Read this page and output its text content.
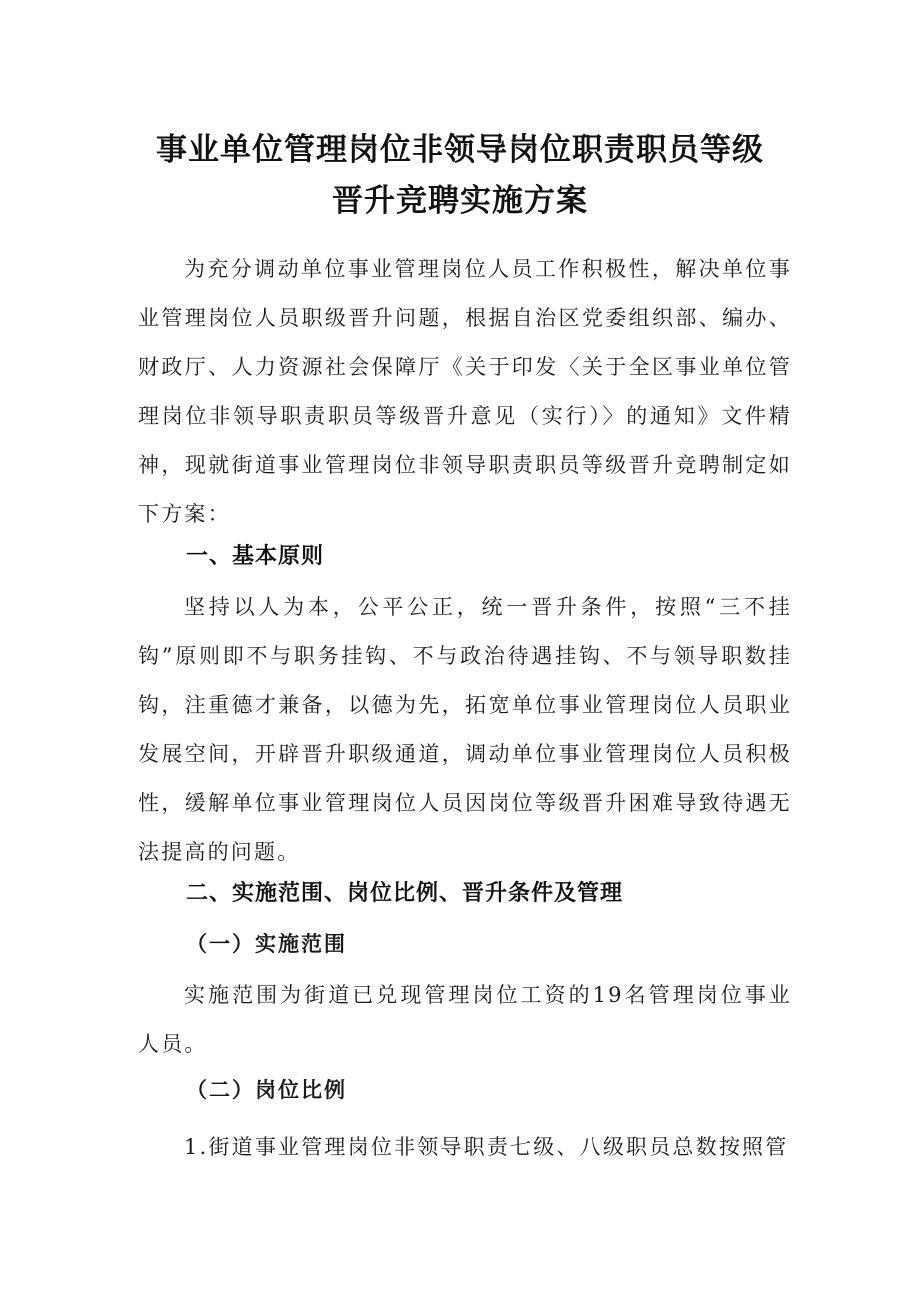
事业单位管理岗位非领导岗位职责职员等级
晋升竞聘实施方案

为充分调动单位事业管理岗位人员工作积极性，解决单位事业管理岗位人员职级晋升问题，根据自治区党委组织部、编办、财政厅、人力资源社会保障厅《关于印发〈关于全区事业单位管理岗位非领导职责职员等级晋升意见（实行）〉的通知》文件精神，现就街道事业管理岗位非领导职责职员等级晋升竞聘制定如下方案：

一、基本原则

坚持以人为本，公平公正，统一晋升条件，按照“三不挂钩”原则即不与职务挂钩、不与政治待遇挂钩、不与领导职数挂钩，注重德才兼备，以德为先，拓宽单位事业管理岗位人员职业发展空间，开辟晋升职级通道，调动单位事业管理岗位人员积极性，缓解单位事业管理岗位人员因岗位等级晋升困难导致待遇无法提高的问题。

二、实施范围、岗位比例、晋升条件及管理
（一）实施范围

实施范围为街道已兑现管理岗位工资的19名管理岗位事业人员。

（二）岗位比例

1.街道事业管理岗位非领导职责七级、八级职员总数按照管
